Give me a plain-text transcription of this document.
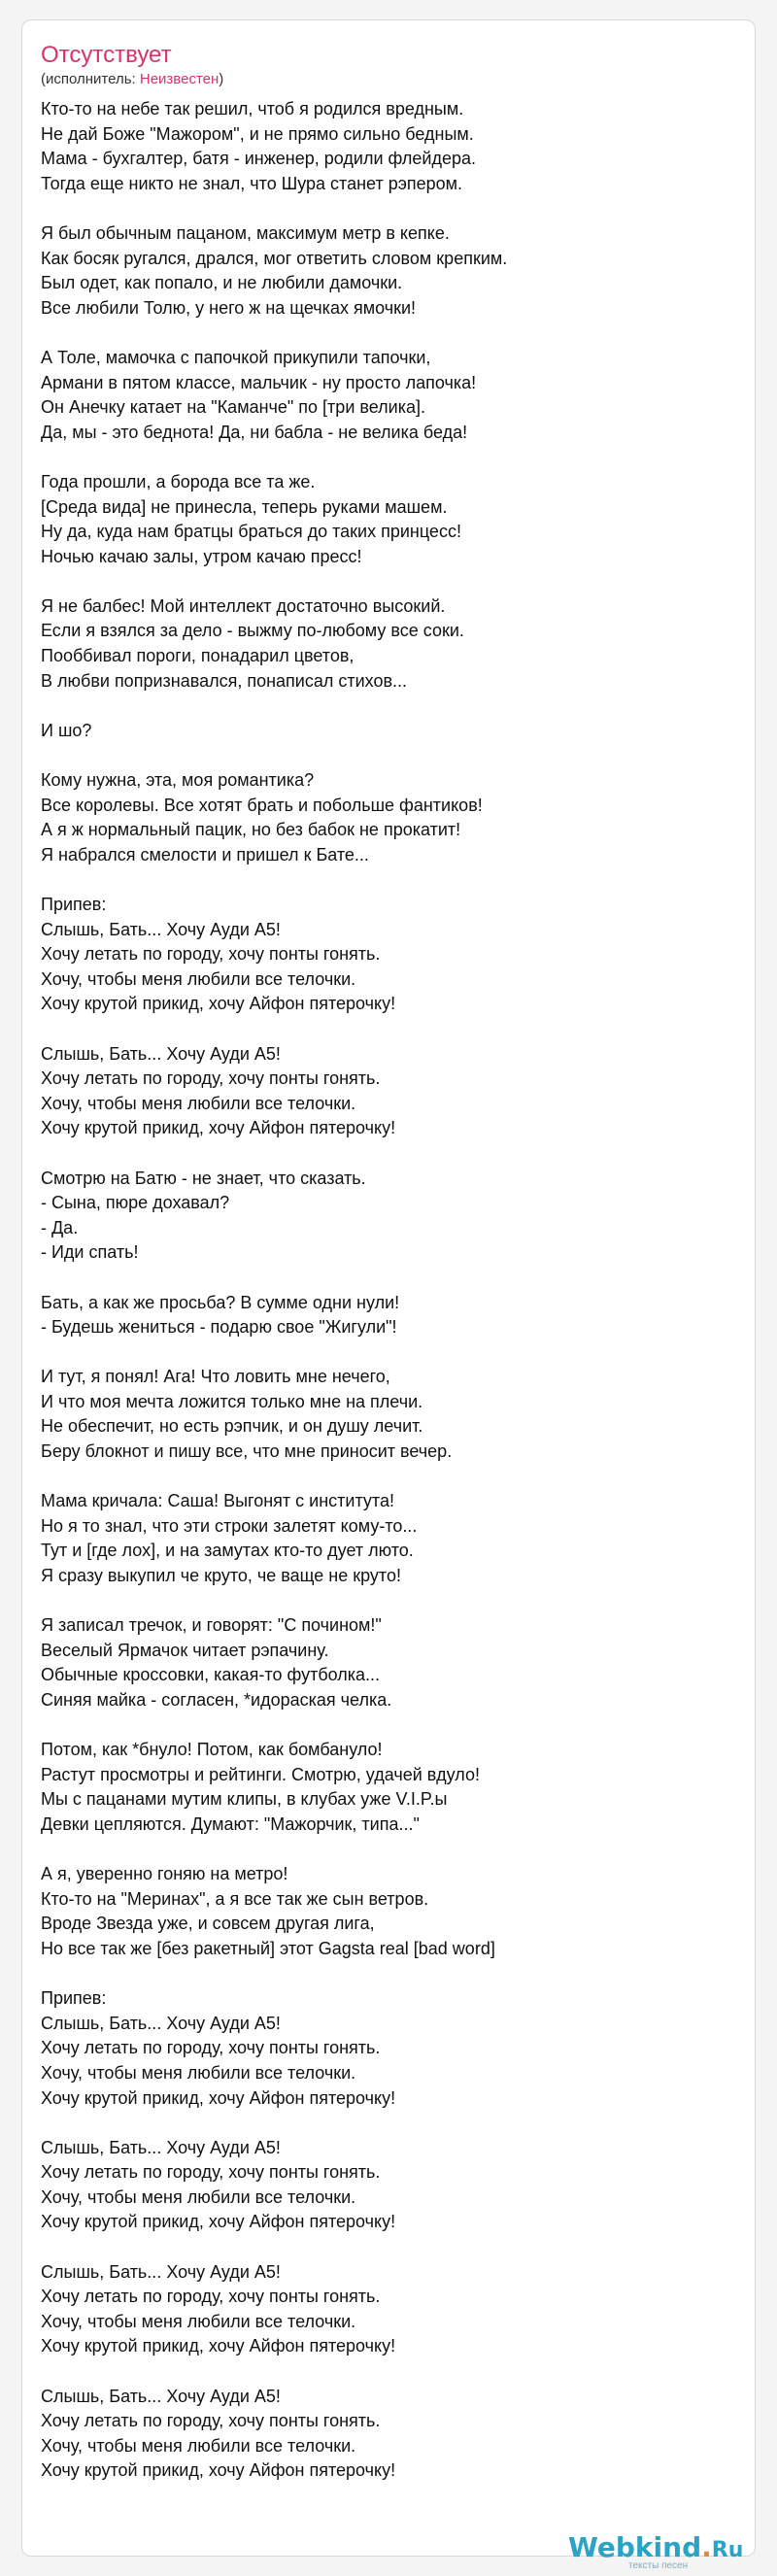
Отсутствует
(исполнитель: Неизвестен)
Кто-то на небе так решил, чтоб я родился вредным.
Не дай Боже "Мажором", и не прямо сильно бедным.
Мама - бухгалтер, батя - инженер, родили флейдера.
Тогда еще никто не знал, что Шура станет рэпером.
Я был обычным пацаном, максимум метр в кепке.
Как босяк ругался, дрался, мог ответить словом крепким.
Был одет, как попало, и не любили дамочки.
Все любили Толю, у него ж на щечках ямочки!
А Толе, мамочка с папочкой прикупили тапочки,
Армани в пятом классе, мальчик - ну просто лапочка!
Он Анечку катает на "Каманче" по [три велика].
Да, мы - это беднота! Да, ни бабла - не велика беда!
Года прошли, а борода все та же.
[Среда вида] не принесла, теперь руками машем.
Ну да, куда нам братцы браться до таких принцесс!
Ночью качаю залы, утром качаю пресс!
Я не балбес! Мой интеллект достаточно высокий.
Если я взялся за дело - выжму по-любому все соки.
Пооббивал пороги, понадарил цветов,
В любви попризнавался, понаписал стихов...
И шо?
Кому нужна, эта, моя романтика?
Все королевы. Все хотят брать и побольше фантиков!
А я ж нормальный пацик, но без бабок не прокатит!
Я набрался смелости и пришел к Бате...
Припев:
Слышь, Бать... Хочу Ауди А5!
Хочу летать по городу, хочу понты гонять.
Хочу, чтобы меня любили все телочки.
Хочу крутой прикид, хочу Айфон пятерочку!
Слышь, Бать... Хочу Ауди А5!
Хочу летать по городу, хочу понты гонять.
Хочу, чтобы меня любили все телочки.
Хочу крутой прикид, хочу Айфон пятерочку!
Смотрю на Батю - не знает, что сказать.
- Сына, пюре дохавал?
- Да.
- Иди спать!
Бать, а как же просьба? В сумме одни нули!
- Будешь жениться - подарю свое "Жигули"!
И тут, я понял! Ага! Что ловить мне нечего,
И что моя мечта ложится только мне на плечи.
Не обеспечит, но есть рэпчик, и он душу лечит.
Беру блокнот и пишу все, что мне приносит вечер.
Мама кричала: Саша! Выгонят с института!
Но я то знал, что эти строки залетят кому-то...
Тут и [где лох], и на замутах кто-то дует люто.
Я сразу выкупил че круто, че ваще не круто!
Я записал тречок, и говорят: "С почином!"
Веселый Ярмачок читает рэпачину.
Обычные кроссовки, какая-то футболка...
Синяя майка - согласен, *идораская челка.
Потом, как *бнуло! Потом, как бомбануло!
Растут просмотры и рейтинги. Смотрю, удачей вдуло!
Мы с пацанами мутим клипы, в клубах уже V.I.P.ы
Девки цепляются. Думают: "Мажорчик, типа..."
А я, уверенно гоняю на метро!
Кто-то на "Меринах", а я все так же сын ветров.
Вроде Звезда уже, и совсем другая лига,
Но все так же [без ракетный] этот Gagsta real [bad word]
Припев:
Слышь, Бать... Хочу Ауди А5!
Хочу летать по городу, хочу понты гонять.
Хочу, чтобы меня любили все телочки.
Хочу крутой прикид, хочу Айфон пятерочку!
Слышь, Бать... Хочу Ауди А5!
Хочу летать по городу, хочу понты гонять.
Хочу, чтобы меня любили все телочки.
Хочу крутой прикид, хочу Айфон пятерочку!
Слышь, Бать... Хочу Ауди А5!
Хочу летать по городу, хочу понты гонять.
Хочу, чтобы меня любили все телочки.
Хочу крутой прикид, хочу Айфон пятерочку!
Слышь, Бать... Хочу Ауди А5!
Хочу летать по городу, хочу понты гонять.
Хочу, чтобы меня любили все телочки.
Хочу крутой прикид, хочу Айфон пятерочку!
Webkind.Ru
тексты песен
